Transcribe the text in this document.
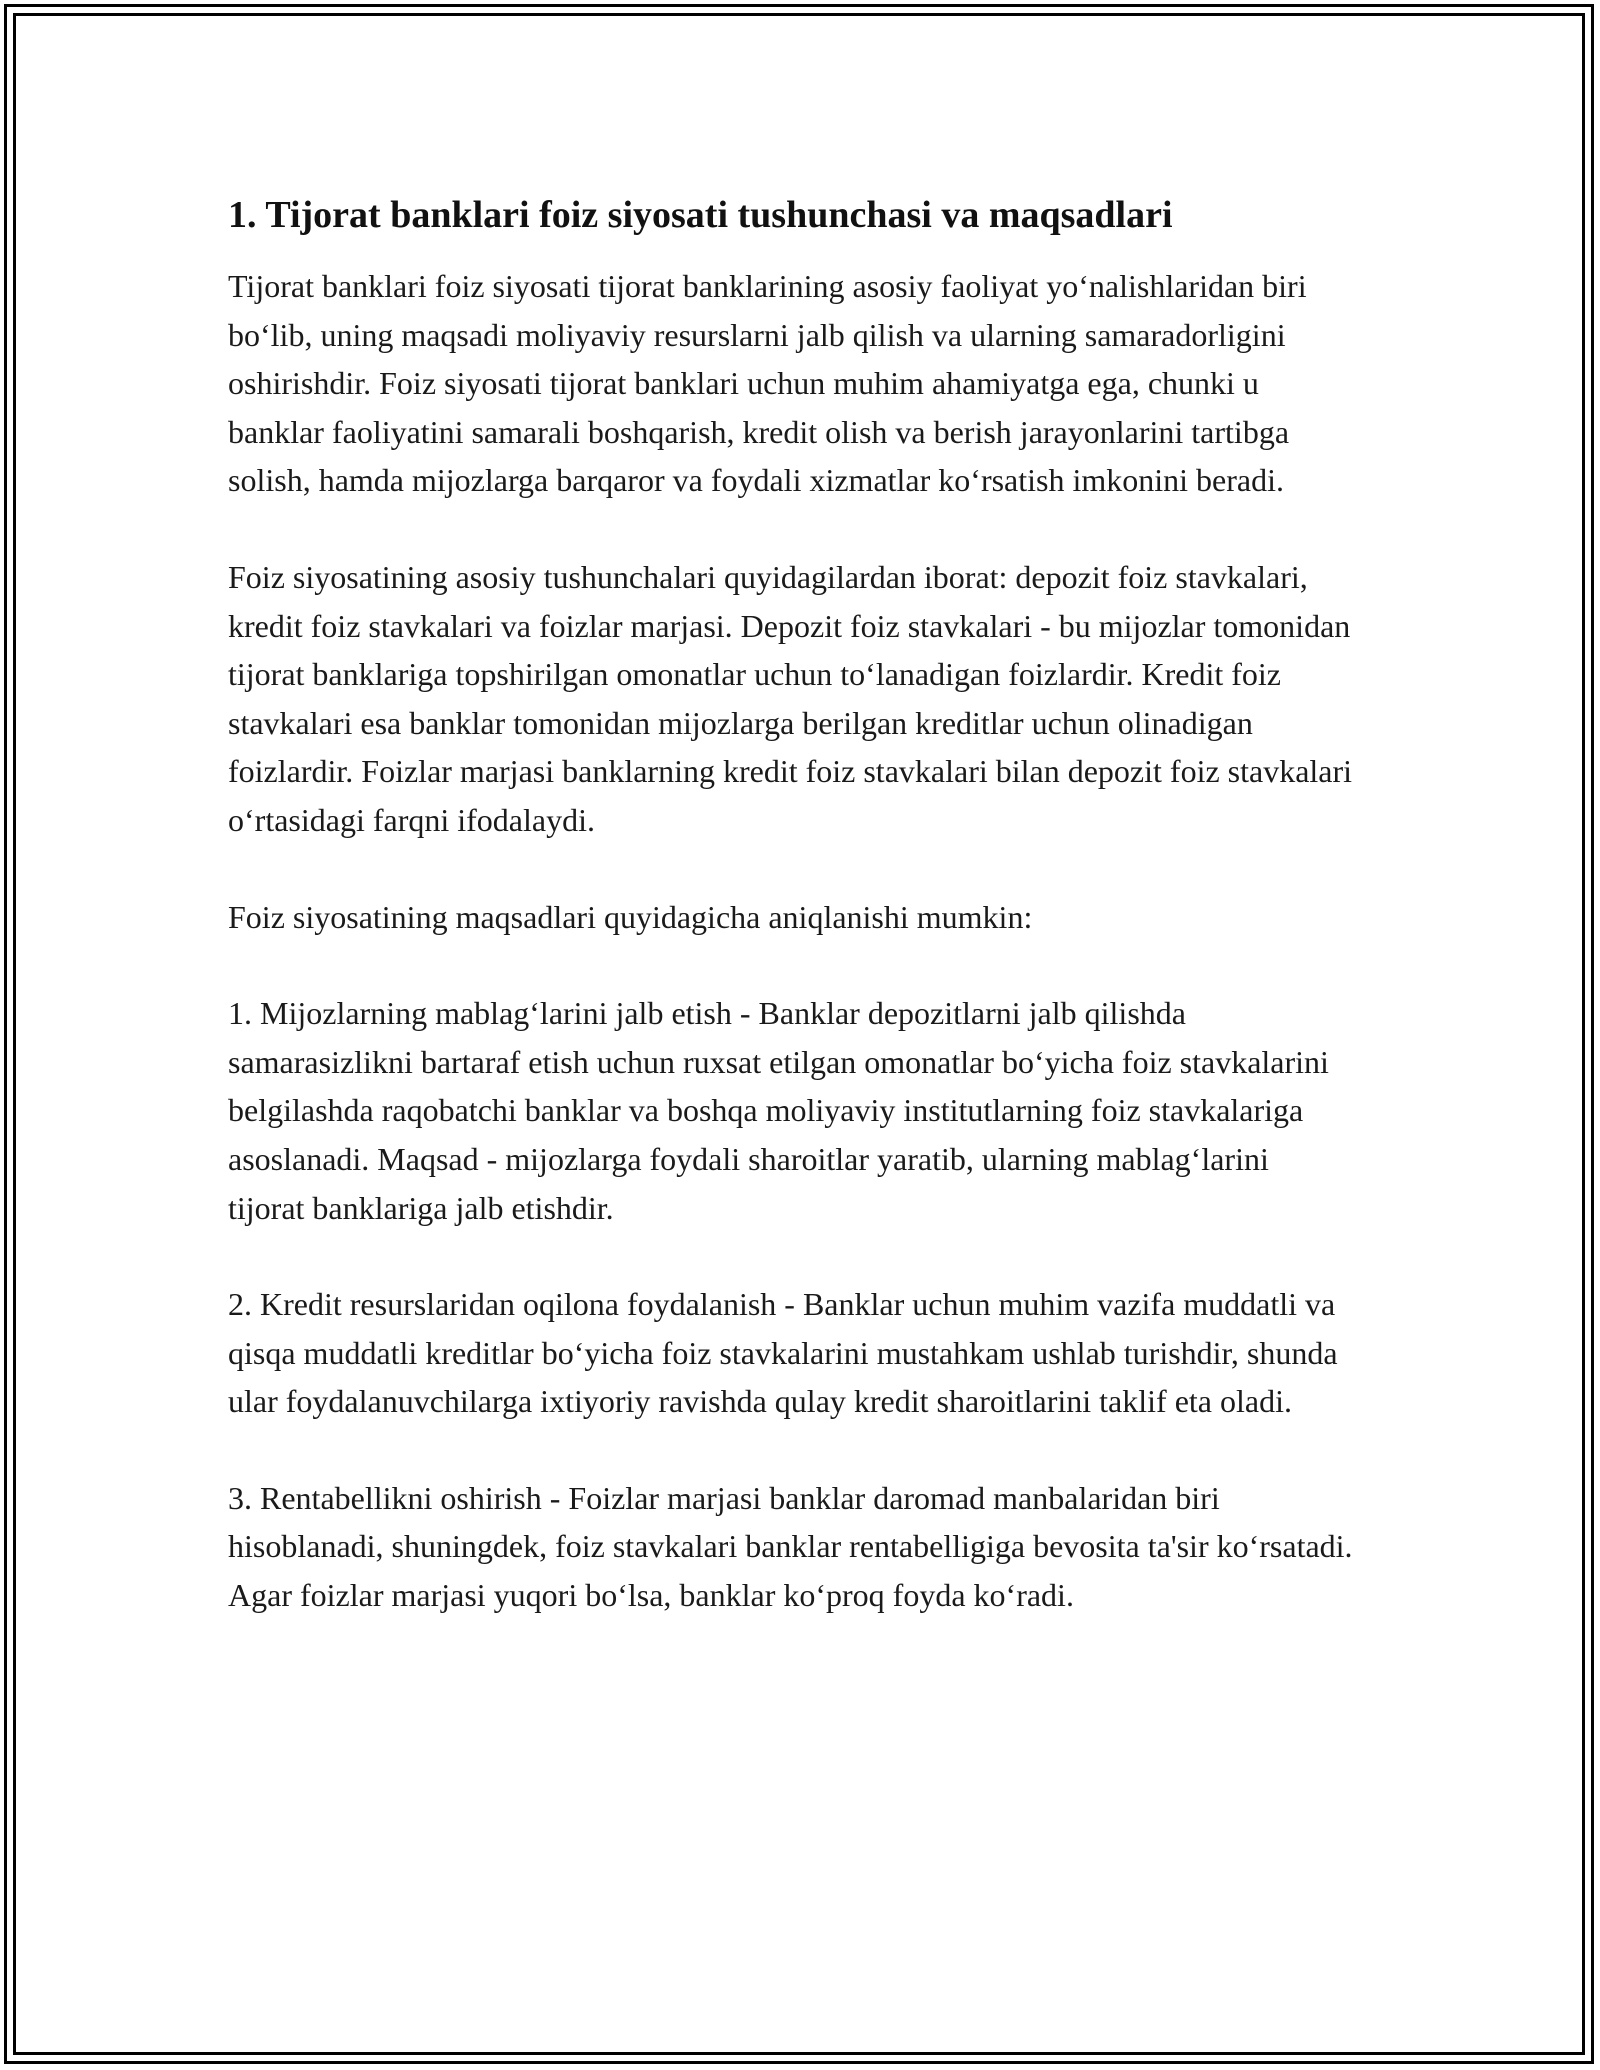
1. Tijorat banklari foiz siyosati tushunchasi va maqsadlari

Tijorat banklari foiz siyosati tijorat banklarining asosiy faoliyat yo‘nalishlaridan biri bo‘lib, uning maqsadi moliyaviy resurslarni jalb qilish va ularning samaradorligini oshirishdir. Foiz siyosati tijorat banklari uchun muhim ahamiyatga ega, chunki u banklar faoliyatini samarali boshqarish, kredit olish va berish jarayonlarini tartibga solish, hamda mijozlarga barqaror va foydali xizmatlar ko‘rsatish imkonini beradi.

Foiz siyosatining asosiy tushunchalari quyidagilardan iborat: depozit foiz stavkalari, kredit foiz stavkalari va foizlar marjasi. Depozit foiz stavkalari - bu mijozlar tomonidan tijorat banklariga topshirilgan omonatlar uchun to‘lanadigan foizlardir. Kredit foiz stavkalari esa banklar tomonidan mijozlarga berilgan kreditlar uchun olinadigan foizlardir. Foizlar marjasi banklarning kredit foiz stavkalari bilan depozit foiz stavkalari o‘rtasidagi farqni ifodalaydi.

Foiz siyosatining maqsadlari quyidagicha aniqlanishi mumkin:

1. Mijozlarning mablag‘larini jalb etish - Banklar depozitlarni jalb qilishda samarasizlikni bartaraf etish uchun ruxsat etilgan omonatlar bo‘yicha foiz stavkalarini belgilashda raqobatchi banklar va boshqa moliyaviy institutlarning foiz stavkalariga asoslanadi. Maqsad - mijozlarga foydali sharoitlar yaratib, ularning mablag‘larini tijorat banklariga jalb etishdir.

2. Kredit resurslaridan oqilona foydalanish - Banklar uchun muhim vazifa muddatli va qisqa muddatli kreditlar bo‘yicha foiz stavkalarini mustahkam ushlab turishdir, shunda ular foydalanuvchilarga ixtiyoriy ravishda qulay kredit sharoitlarini taklif eta oladi.

3. Rentabellikni oshirish - Foizlar marjasi banklar daromad manbalaridan biri hisoblanadi, shuningdek, foiz stavkalari banklar rentabelligiga bevosita ta'sir ko‘rsatadi. Agar foizlar marjasi yuqori bo‘lsa, banklar ko‘proq foyda ko‘radi.
